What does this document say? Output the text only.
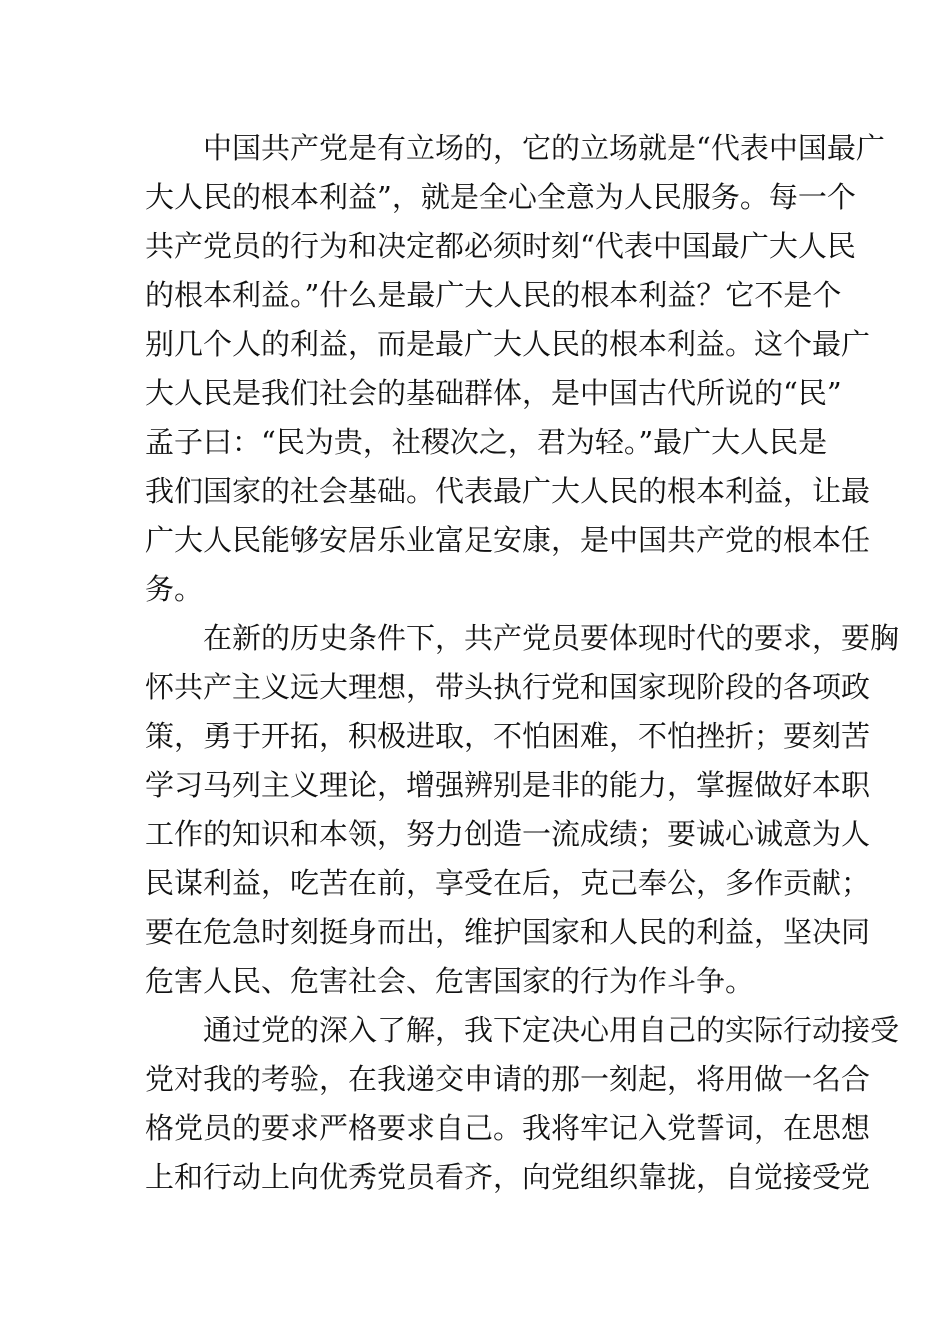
　　中国共产党是有立场的，它的立场就是“代表中国最广
大人民的根本利益”，就是全心全意为人民服务。每一个
共产党员的行为和决定都必须时刻“代表中国最广大人民
的根本利益。”什么是最广大人民的根本利益？它不是个
别几个人的利益，而是最广大人民的根本利益。这个最广
大人民是我们社会的基础群体，是中国古代所说的“民”
孟子曰：“民为贵，社稷次之，君为轻。”最广大人民是
我们国家的社会基础。代表最广大人民的根本利益，让最
广大人民能够安居乐业富足安康，是中国共产党的根本任
务。
　　在新的历史条件下，共产党员要体现时代的要求，要胸
怀共产主义远大理想，带头执行党和国家现阶段的各项政
策，勇于开拓，积极进取，不怕困难，不怕挫折；要刻苦
学习马列主义理论，增强辨别是非的能力，掌握做好本职
工作的知识和本领，努力创造一流成绩；要诚心诚意为人
民谋利益，吃苦在前，享受在后，克己奉公，多作贡献；
要在危急时刻挺身而出，维护国家和人民的利益，坚决同
危害人民、危害社会、危害国家的行为作斗争。
　　通过党的深入了解，我下定决心用自己的实际行动接受
党对我的考验，在我递交申请的那一刻起，将用做一名合
格党员的要求严格要求自己。我将牢记入党誓词，在思想
上和行动上向优秀党员看齐，向党组织靠拢，自觉接受党
